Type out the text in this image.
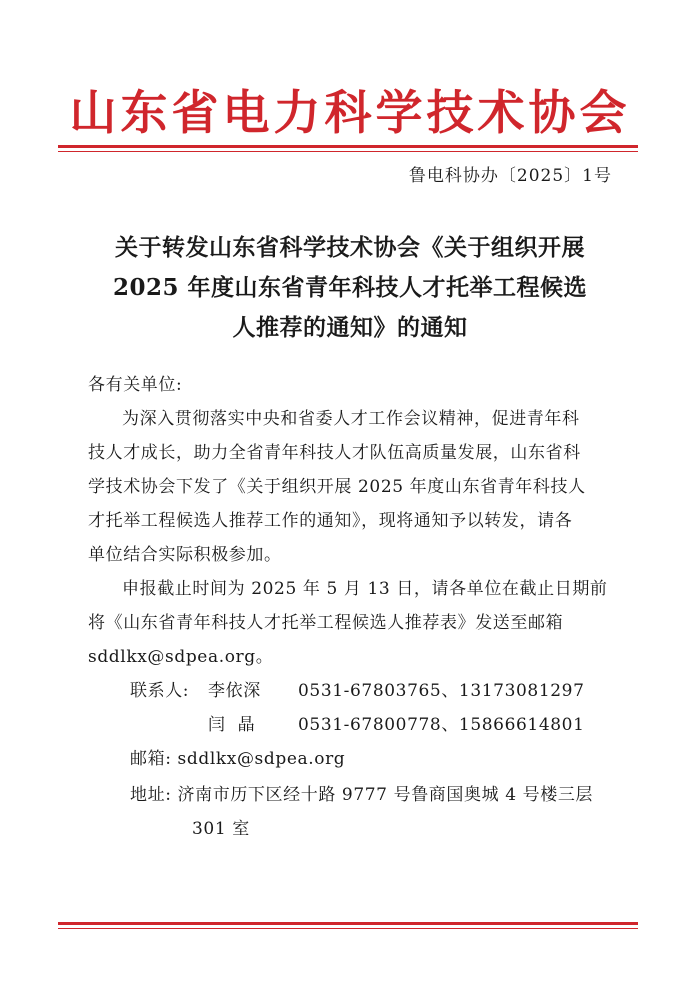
山东省电力科学技术协会
鲁电科协办〔2025〕1号
关于转发山东省科学技术协会《关于组织开展
2025 年度山东省青年科技人才托举工程候选
人推荐的通知》的通知
各有关单位:
为深入贯彻落实中央和省委人才工作会议精神，促进青年科
技人才成长，助力全省青年科技人才队伍高质量发展，山东省科
学技术协会下发了《关于组织开展 2025 年度山东省青年科技人
才托举工程候选人推荐工作的通知》，现将通知予以转发，请各
单位结合实际积极参加。
申报截止时间为 2025 年 5 月 13 日，请各单位在截止日期前
将《山东省青年科技人才托举工程候选人推荐表》发送至邮箱
sddlkx@sdpea.org。
联系人: 李依深 0531-67803765、13173081297
闫  晶	0531-67800778、15866614801
邮箱: sddlkx@sdpea.org
地址: 济南市历下区经十路 9777 号鲁商国奥城 4 号楼三层
301 室
